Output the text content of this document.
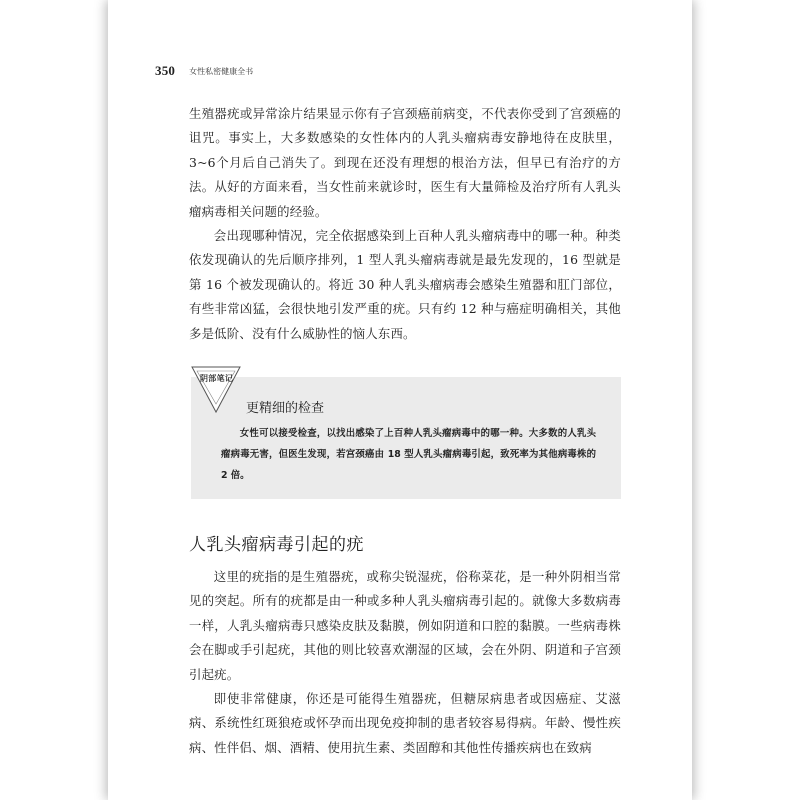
350 女性私密健康全书

生殖器疣或异常涂片结果显示你有子宫颈癌前病变，不代表你受到了宫颈癌的诅咒。事实上，大多数感染的女性体内的人乳头瘤病毒安静地待在皮肤里，3~6个月后自己消失了。到现在还没有理想的根治方法，但早已有治疗的方法。从好的方面来看，当女性前来就诊时，医生有大量筛检及治疗所有人乳头瘤病毒相关问题的经验。

会出现哪种情况，完全依据感染到上百种人乳头瘤病毒中的哪一种。种类依发现确认的先后顺序排列，1 型人乳头瘤病毒就是最先发现的，16 型就是第 16 个被发现确认的。将近 30 种人乳头瘤病毒会感染生殖器和肛门部位，有些非常凶猛，会很快地引发严重的疣。只有约 12 种与癌症明确相关，其他多是低阶、没有什么威胁性的恼人东西。

阴部笔记
更精细的检查

女性可以接受检查，以找出感染了上百种人乳头瘤病毒中的哪一种。大多数的人乳头瘤病毒无害，但医生发现，若宫颈癌由 18 型人乳头瘤病毒引起，致死率为其他病毒株的 2 倍。

人乳头瘤病毒引起的疣

这里的疣指的是生殖器疣，或称尖锐湿疣，俗称菜花，是一种外阴相当常见的突起。所有的疣都是由一种或多种人乳头瘤病毒引起的。就像大多数病毒一样，人乳头瘤病毒只感染皮肤及黏膜，例如阴道和口腔的黏膜。一些病毒株会在脚或手引起疣，其他的则比较喜欢潮湿的区域，会在外阴、阴道和子宫颈引起疣。

即使非常健康，你还是可能得生殖器疣，但糖尿病患者或因癌症、艾滋病、系统性红斑狼疮或怀孕而出现免疫抑制的患者较容易得病。年龄、慢性疾病、性伴侣、烟、酒精、使用抗生素、类固醇和其他性传播疾病也在致病
